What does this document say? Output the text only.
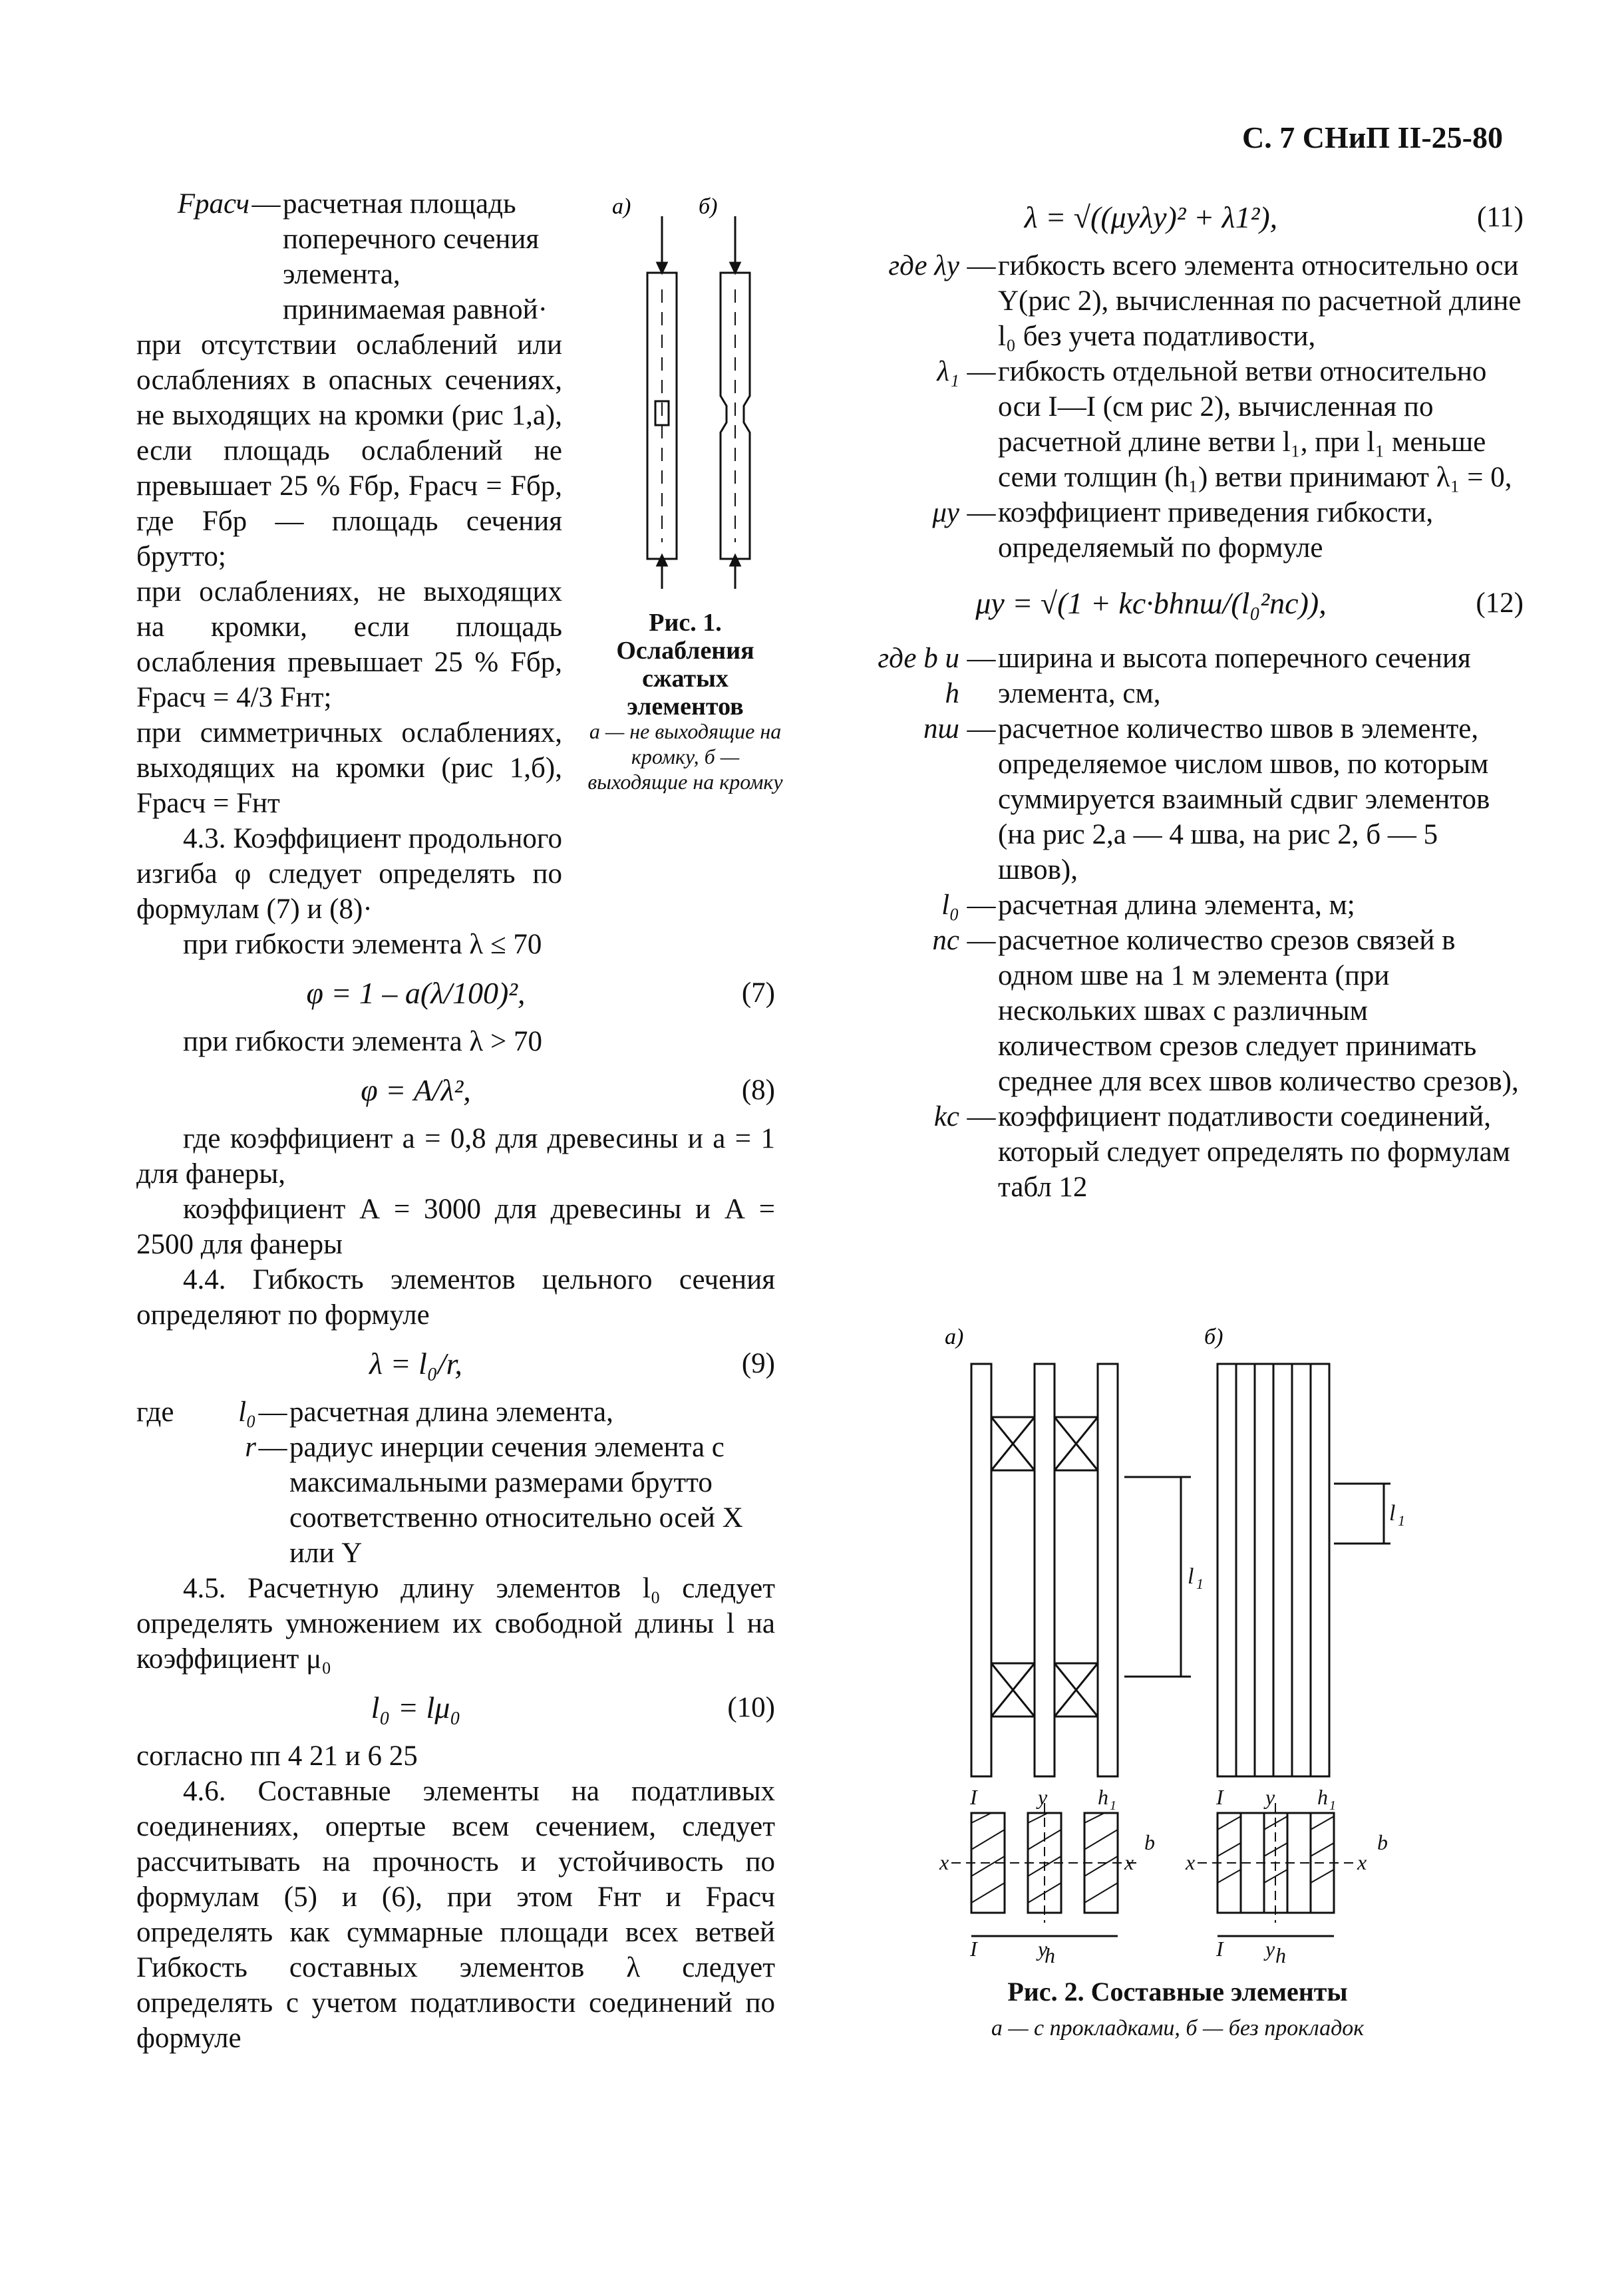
С. 7 СНиП II-25-80
Fрасч — расчетная площадь поперечного сечения элемента, принимаемая равной·

при отсутствии ослаблений или ослаблениях в опасных сечениях, не выходящих на кромки (рис 1,а), если площадь ослаблений не превышает 25 % Fбр, Fрасч = Fбр, где Fбр — площадь сечения брутто;

при ослаблениях, не выходящих на кромки, если площадь ослабления превышает 25 % Fбр, Fрасч = 4/3 Fнт;

при симметричных ослаблениях, выходящих на кромки (рис 1,б), Fрасч = Fнт

4.3. Коэффициент продольного изгиба φ следует определять по формулам (7) и (8)·

при гибкости элемента λ ≤ 70

φ = 1 – a(λ/100)²,	(7)

при гибкости элемента λ > 70

φ = A/λ²,	(8)

где коэффициент а = 0,8 для древесины и а = 1 для фанеры,

коэффициент А = 3000 для древесины и А = 2500 для фанеры

4.4. Гибкость элементов цельного сечения определяют по формуле

λ = l₀/r,	(9)
где	l₀ — расчетная длина элемента,
r — радиус инерции сечения элемента с максимальными размерами брутто соответственно относительно осей X или Y

4.5. Расчетную длину элементов l₀ следует определять умножением их свободной длины l на коэффициент μ₀

l₀ = lμ₀	(10)

согласно пп 4 21 и 6 25

4.6. Составные элементы на податливых соединениях, опертые всем сечением, следует рассчитывать на прочность и устойчивость по формулам (5) и (6), при этом Fнт и Fрасч определять как суммарные площади всех ветвей Гибкость составных элементов λ следует определять с учетом податливости соединений по формуле

а)	б)
Рис. 1. Ослабления сжатых элементов
а — не выходящие на кромку, б — выходящие на кромку
λ = √((μyλy)² + λ1²),	(11)
где λy — гибкость всего элемента относительно оси Y(рис 2), вычисленная по расчетной длине l₀ без учета податливости,
λ₁ — гибкость отдельной ветви относительно оси I—I (см рис 2), вычисленная по расчетной длине ветви l₁, при l₁ меньше семи толщин (h₁) ветви принимают λ₁ = 0,
μy — коэффициент приведения гибкости, определяемый по формуле
μy = √(1 + kc·bhnш/(l₀²nc)),	(12)
где b и h
— ширина и высота поперечного сечения элемента, см,
nш — расчетное количество швов в элементе, определяемое числом швов, по которым суммируется взаимный сдвиг элементов (на рис 2,а — 4 шва, на рис 2, б — 5 швов),
l₀ — расчетная длина элемента, м;
nc — расчетное количество срезов связей в одном шве на 1 м элемента (при нескольких швах с различным количеством срезов следует принимать среднее для всех швов количество срезов),
kc — коэффициент податливости соединений, который следует определять по формулам табл 12
а)	б)
l 1
l 1
I	y h 1
x	x
I	y
h
I y h 1
x	x
I y h
b	b
Рис. 2. Составные элементы
а — с прокладками, б — без прокладок
